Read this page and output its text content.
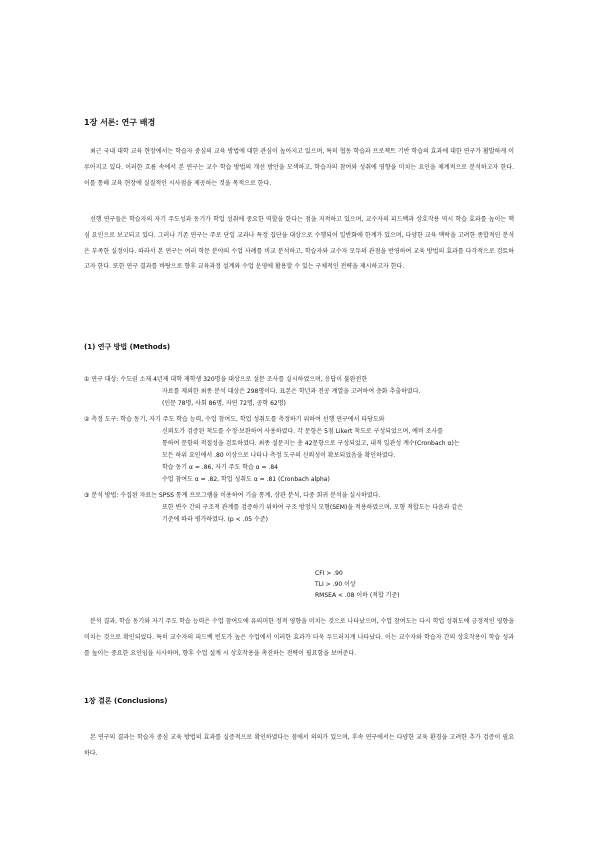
1장 서론: 연구 배경

최근 국내 대학 교육 현장에서는 학습자 중심의 교육 방법에 대한 관심이 높아지고 있으며, 특히 협동 학습과 프로젝트 기반 학습의 효과에 대한 연구가 활발하게 이루어지고 있다. 이러한 흐름 속에서 본 연구는 교수 학습 방법의 개선 방안을 모색하고, 학습자의 참여와 성취에 영향을 미치는 요인을 체계적으로 분석하고자 한다. 이를 통해 교육 현장에 실질적인 시사점을 제공하는 것을 목적으로 한다.

선행 연구들은 학습자의 자기 주도성과 동기가 학업 성취에 중요한 역할을 한다는 점을 지적하고 있으며, 교수자의 피드백과 상호작용 역시 학습 효과를 높이는 핵심 요인으로 보고되고 있다. 그러나 기존 연구는 주로 단일 교과나 특정 집단을 대상으로 수행되어 일반화에 한계가 있으며, 다양한 교육 맥락을 고려한 종합적인 분석은 부족한 실정이다. 따라서 본 연구는 여러 학문 분야의 수업 사례를 비교 분석하고, 학습자와 교수자 모두의 관점을 반영하여 교육 방법의 효과를 다각적으로 검토하고자 한다. 또한 연구 결과를 바탕으로 향후 교육과정 설계와 수업 운영에 활용할 수 있는 구체적인 전략을 제시하고자 한다.

(1) 연구 방법 (Methods)
① 연구 대상: 수도권 소재 4년제 대학 재학생 320명을 대상으로 설문 조사를 실시하였으며, 응답이 불완전한
자료를 제외한 최종 분석 대상은 298명이다. 표본은 학년과 전공 계열을 고려하여 층화 추출하였다.
(인문 78명, 사회 86명, 자연 72명, 공학 62명)
② 측정 도구: 학습 동기, 자기 주도 학습 능력, 수업 참여도, 학업 성취도를 측정하기 위하여 선행 연구에서 타당도와
신뢰도가 검증된 척도를 수정·보완하여 사용하였다. 각 문항은 5점 Likert 척도로 구성되었으며, 예비 조사를
통하여 문항의 적절성을 검토하였다. 최종 설문지는 총 42문항으로 구성되었고, 내적 일관성 계수(Cronbach α)는
모든 하위 요인에서 .80 이상으로 나타나 측정 도구의 신뢰성이 확보되었음을 확인하였다.
학습 동기 α = .86, 자기 주도 학습 α = .84
수업 참여도 α = .82, 학업 성취도 α = .81 (Cronbach alpha)
③ 분석 방법: 수집된 자료는 SPSS 통계 프로그램을 이용하여 기술 통계, 상관 분석, 다중 회귀 분석을 실시하였다.
또한 변수 간의 구조적 관계를 검증하기 위하여 구조 방정식 모형(SEM)을 적용하였으며, 모형 적합도는 다음과 같은
기준에 따라 평가하였다. (p < .05 수준)
CFI > .90
TLI > .90 이상
RMSEA < .08 이하 (적합 기준)

분석 결과, 학습 동기와 자기 주도 학습 능력은 수업 참여도에 유의미한 정적 영향을 미치는 것으로 나타났으며, 수업 참여도는 다시 학업 성취도에 긍정적인 영향을 미치는 것으로 확인되었다. 특히 교수자의 피드백 빈도가 높은 수업에서 이러한 효과가 더욱 두드러지게 나타났다. 이는 교수자와 학습자 간의 상호작용이 학습 성과를 높이는 중요한 요인임을 시사하며, 향후 수업 설계 시 상호작용을 촉진하는 전략이 필요함을 보여준다.

1장 결론 (Conclusions)

본 연구의 결과는 학습자 중심 교육 방법의 효과를 실증적으로 확인하였다는 점에서 의의가 있으며, 후속 연구에서는 다양한 교육 환경을 고려한 추가 검증이 필요하다.
